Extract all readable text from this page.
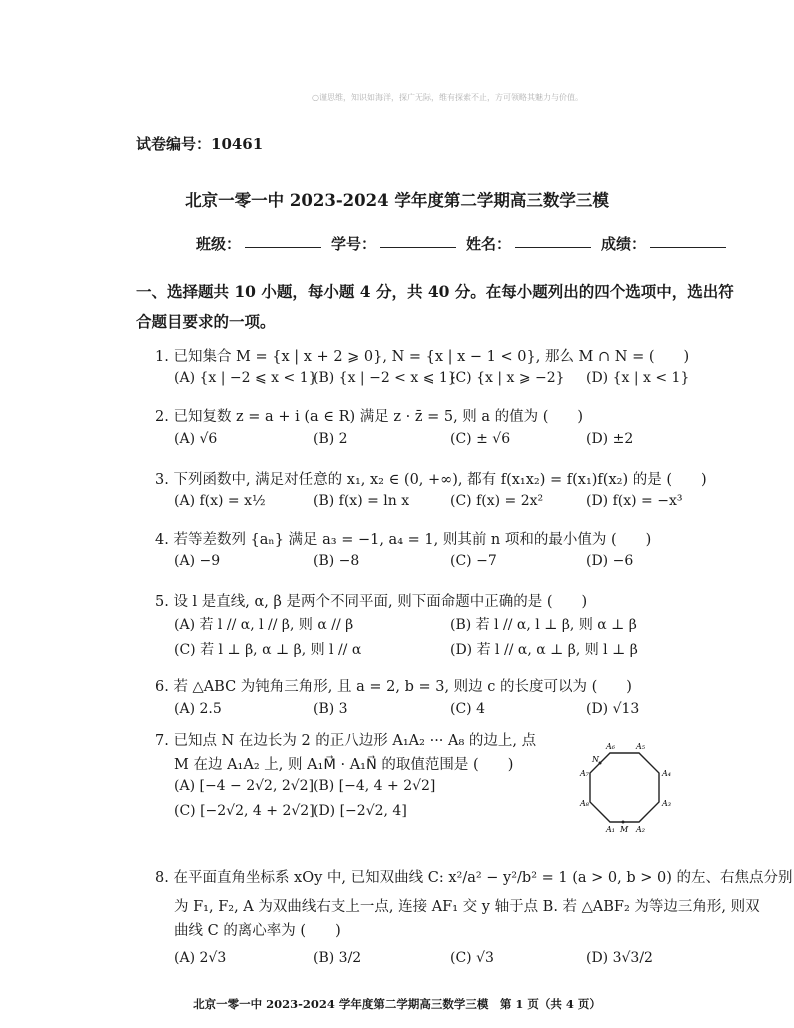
○谨思维，知识如海洋，探广无际，维有探索不止，方可领略其魅力与价值。
试卷编号：10461
北京一零一中 2023-2024 学年度第二学期高三数学三模
班级：	学号：	姓名：	成绩：
一、选择题共 10 小题，每小题 4 分，共 40 分。在每小题列出的四个选项中，选出符合题目要求的一项。
1. 已知集合 M = {x | x + 2 ⩾ 0}, N = {x | x − 1 < 0}, 那么 M ∩ N = (　　)
(A) {x | −2 ⩽ x < 1}
(B) {x | −2 < x ⩽ 1}
(C) {x | x ⩾ −2} (D) {x | x < 1}
2. 已知复数 z = a + i (a ∈ R) 满足 z · z̄ = 5, 则 a 的值为 (　　)
(A) √6	(B) 2	(C) ± √6	(D) ±2
3. 下列函数中, 满足对任意的 x₁, x₂ ∈ (0, +∞), 都有 f(x₁x₂) = f(x₁)f(x₂) 的是 (　　)
(A) f(x) = x½	(B) f(x) = ln x	(C) f(x) = 2x²	(D) f(x) = −x³
4. 若等差数列 {aₙ} 满足 a₃ = −1, a₄ = 1, 则其前 n 项和的最小值为 (　　)
(A) −9	(B) −8	(C) −7	(D) −6
5. 设 l 是直线, α, β 是两个不同平面, 则下面命题中正确的是 (　　)
(A) 若 l // α, l // β, 则 α // β	(B) 若 l // α, l ⊥ β, 则 α ⊥ β
(C) 若 l ⊥ β, α ⊥ β, 则 l // α	(D) 若 l // α, α ⊥ β, 则 l ⊥ β
6. 若 △ABC 为钝角三角形, 且 a = 2, b = 3, 则边 c 的长度可以为 (　　)
(A) 2.5	(B) 3	(C) 4	(D) √13
7. 已知点 N 在边长为 2 的正八边形 A₁A₂ ··· A₈ 的边上, 点
M 在边 A₁A₂ 上, 则 A₁M⃗ · A₁N⃗ 的取值范围是 (　　)
(A) [−4 − 2√2, 2√2]
(B) [−4, 4 + 2√2]
(C) [−2√2, 4 + 2√2]
(D) [−2√2, 4]
A₆	A₅
N
A₇	A₄
A₈	A₃
A₁ M A₂
8. 在平面直角坐标系 xOy 中, 已知双曲线 C: x²/a² − y²/b² = 1 (a > 0, b > 0) 的左、右焦点分别
为 F₁, F₂, A 为双曲线右支上一点, 连接 AF₁ 交 y 轴于点 B. 若 △ABF₂ 为等边三角形, 则双
曲线 C 的离心率为 (　　)
(A) 2√3	(B) 3/2	(C) √3	(D) 3√3/2
北京一零一中 2023-2024 学年度第二学期高三数学三模　第 1 页（共 4 页）
